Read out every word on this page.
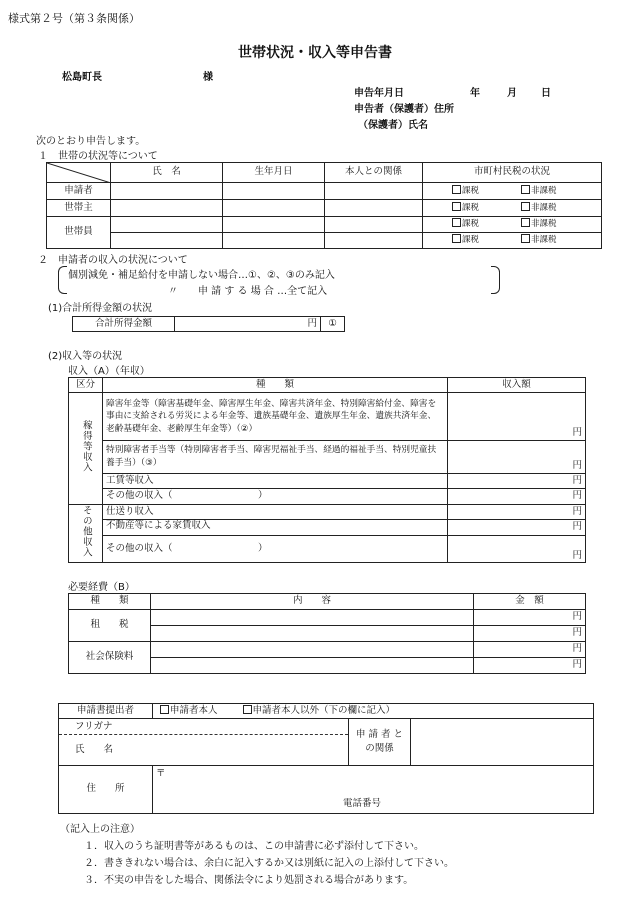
様式第２号（第３条関係）
世帯状況・収入等申告書
松島町長	様
申告年月日	年	月 日
申告者（保護者）住所
（保護者）氏名
次のとおり申告します。
１　世帯の状況等について
	氏　名	生年月日	本人との関係	市町村民税の状況
申請者				課税 非課税
世帯主				課税 非課税
世帯員				課税 非課税
				課税 非課税
２　申請者の収入の状況について
個別減免・補足給付を申請しない場合…①、②、③のみ記入
〃　　申 請 す る 場 合 …全て記入
(1)合計所得金額の状況
合計所得金額	円	①
(2)収入等の状況
収入（A）（年収）
区分	種　　類	収入額
稼得等収入	障害年金等（障害基礎年金、障害厚生年金、障害共済年金、特別障害給付金、障害を事由に支給される労災による年金等、遺族基礎年金、遺族厚生年金、遺族共済年金、老齢基礎年金、老齢厚生年金等）（②）	円
	特別障害者手当等（特別障害者手当、障害児福祉手当、経過的福祉手当、特別児童扶養手当）（③）	円
	工賃等収入	円
	その他の収入（　　　　　　　　　）	円
その他収入	仕送り収入	円
	不動産等による家賃収入	円
	その他の収入（　　　　　　　　　）	円
必要経費（B）
種　　類	内　　容	金　額
租　　税		円
		円
社会保険料		円
		円
申請書提出者	申請者本人 申請者本人以外（下の欄に記入）		

フリガナ
氏　　名		申 請 者 との関係	
住　　所	〒
電話番号		
（記入上の注意）
１．収入のうち証明書等があるものは、この申請書に必ず添付して下さい。
２．書ききれない場合は、余白に記入するか又は別紙に記入の上添付して下さい。
３．不実の申告をした場合、関係法令により処罰される場合があります。
